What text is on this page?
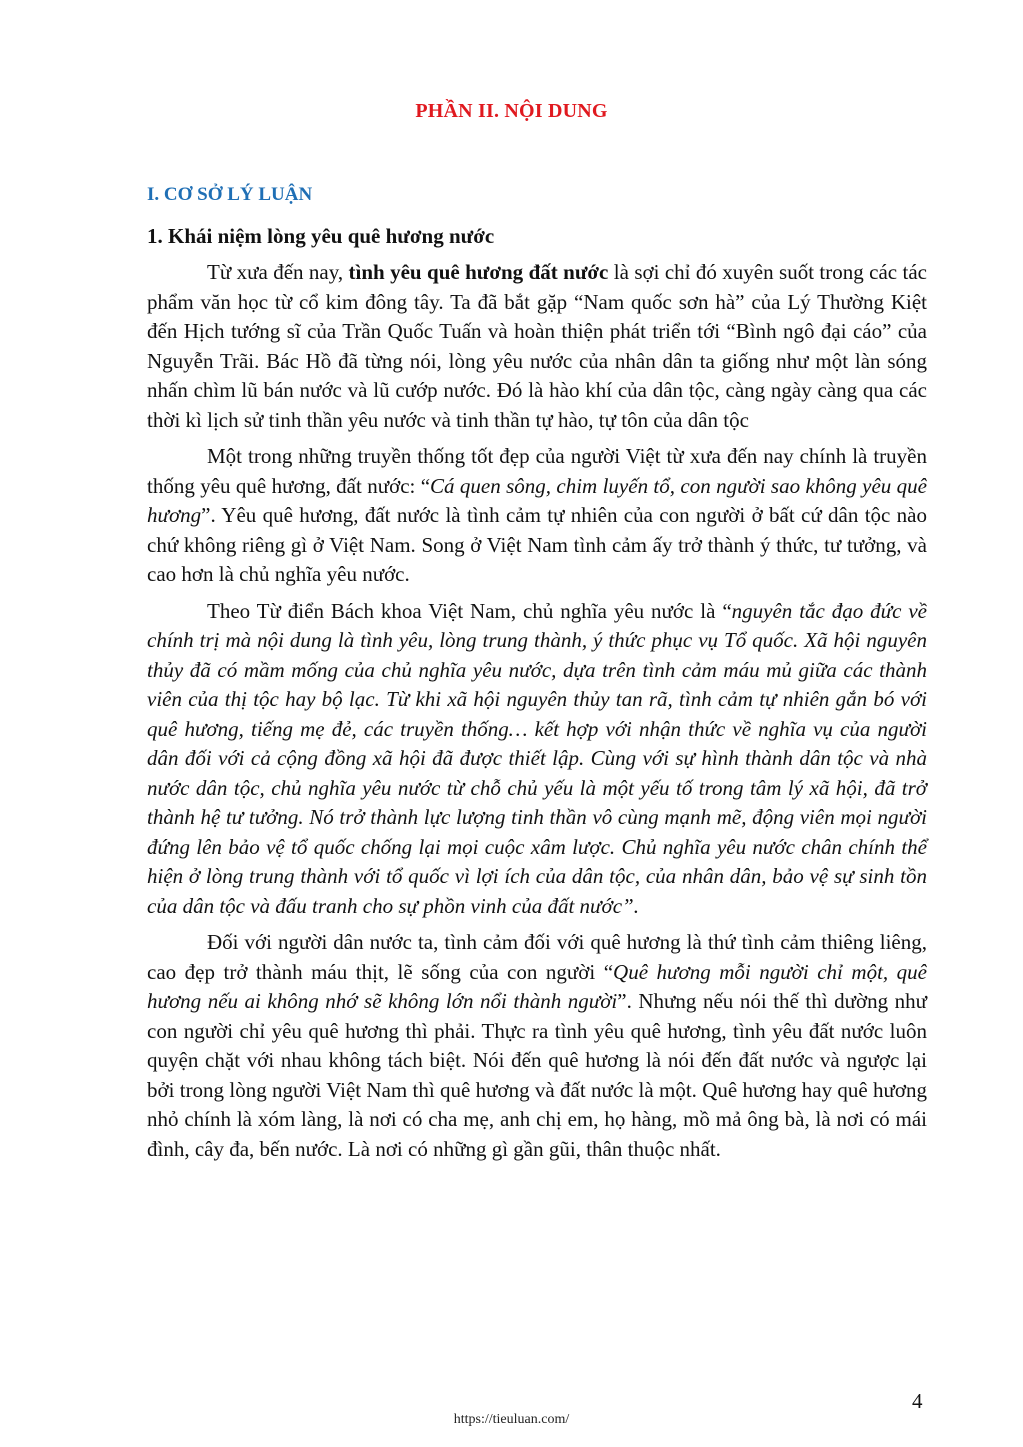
PHẦN II. NỘI DUNG
I. CƠ SỞ LÝ LUẬN
1. Khái niệm lòng yêu quê hương nước

Từ xưa đến nay, tình yêu quê hương đất nước là sợi chỉ đó xuyên suốt trong các tác phẩm văn học từ cổ kim đông tây. Ta đã bắt gặp “Nam quốc sơn hà” của Lý Thường Kiệt đến Hịch tướng sĩ của Trần Quốc Tuấn và hoàn thiện phát triển tới “Bình ngô đại cáo” của Nguyễn Trãi. Bác Hồ đã từng nói, lòng yêu nước của nhân dân ta giống như một làn sóng nhấn chìm lũ bán nước và lũ cướp nước. Đó là hào khí của dân tộc, càng ngày càng qua các thời kì lịch sử tinh thần yêu nước và tinh thần tự hào, tự tôn của dân tộc

Một trong những truyền thống tốt đẹp của người Việt từ xưa đến nay chính là truyền thống yêu quê hương, đất nước: “Cá quen sông, chim luyến tổ, con người sao không yêu quê hương”. Yêu quê hương, đất nước là tình cảm tự nhiên của con người ở bất cứ dân tộc nào chứ không riêng gì ở Việt Nam. Song ở Việt Nam tình cảm ấy trở thành ý thức, tư tưởng, và cao hơn là chủ nghĩa yêu nước.

Theo Từ điển Bách khoa Việt Nam, chủ nghĩa yêu nước là “nguyên tắc đạo đức về chính trị mà nội dung là tình yêu, lòng trung thành, ý thức phục vụ Tổ quốc. Xã hội nguyên thủy đã có mầm mống của chủ nghĩa yêu nước, dựa trên tình cảm máu mủ giữa các thành viên của thị tộc hay bộ lạc. Từ khi xã hội nguyên thủy tan rã, tình cảm tự nhiên gắn bó với quê hương, tiếng mẹ đẻ, các truyền thống… kết hợp với nhận thức về nghĩa vụ của người dân đối với cả cộng đồng xã hội đã được thiết lập. Cùng với sự hình thành dân tộc và nhà nước dân tộc, chủ nghĩa yêu nước từ chỗ chủ yếu là một yếu tố trong tâm lý xã hội, đã trở thành hệ tư tưởng. Nó trở thành lực lượng tinh thần vô cùng mạnh mẽ, động viên mọi người đứng lên bảo vệ tổ quốc chống lại mọi cuộc xâm lược. Chủ nghĩa yêu nước chân chính thể hiện ở lòng trung thành với tổ quốc vì lợi ích của dân tộc, của nhân dân, bảo vệ sự sinh tồn của dân tộc và đấu tranh cho sự phồn vinh của đất nước”.

Đối với người dân nước ta, tình cảm đối với quê hương là thứ tình cảm thiêng liêng, cao đẹp trở thành máu thịt, lẽ sống của con người “Quê hương mỗi người chỉ một, quê hương nếu ai không nhớ sẽ không lớn nổi thành người”. Nhưng nếu nói thế thì dường như con người chỉ yêu quê hương thì phải. Thực ra tình yêu quê hương, tình yêu đất nước luôn quyện chặt với nhau không tách biệt. Nói đến quê hương là nói đến đất nước và ngược lại bởi trong lòng người Việt Nam thì quê hương và đất nước là một. Quê hương hay quê hương nhỏ chính là xóm làng, là nơi có cha mẹ, anh chị em, họ hàng, mồ mả ông bà, là nơi có mái đình, cây đa, bến nước. Là nơi có những gì gần gũi, thân thuộc nhất.

4
https://tieuluan.com/
